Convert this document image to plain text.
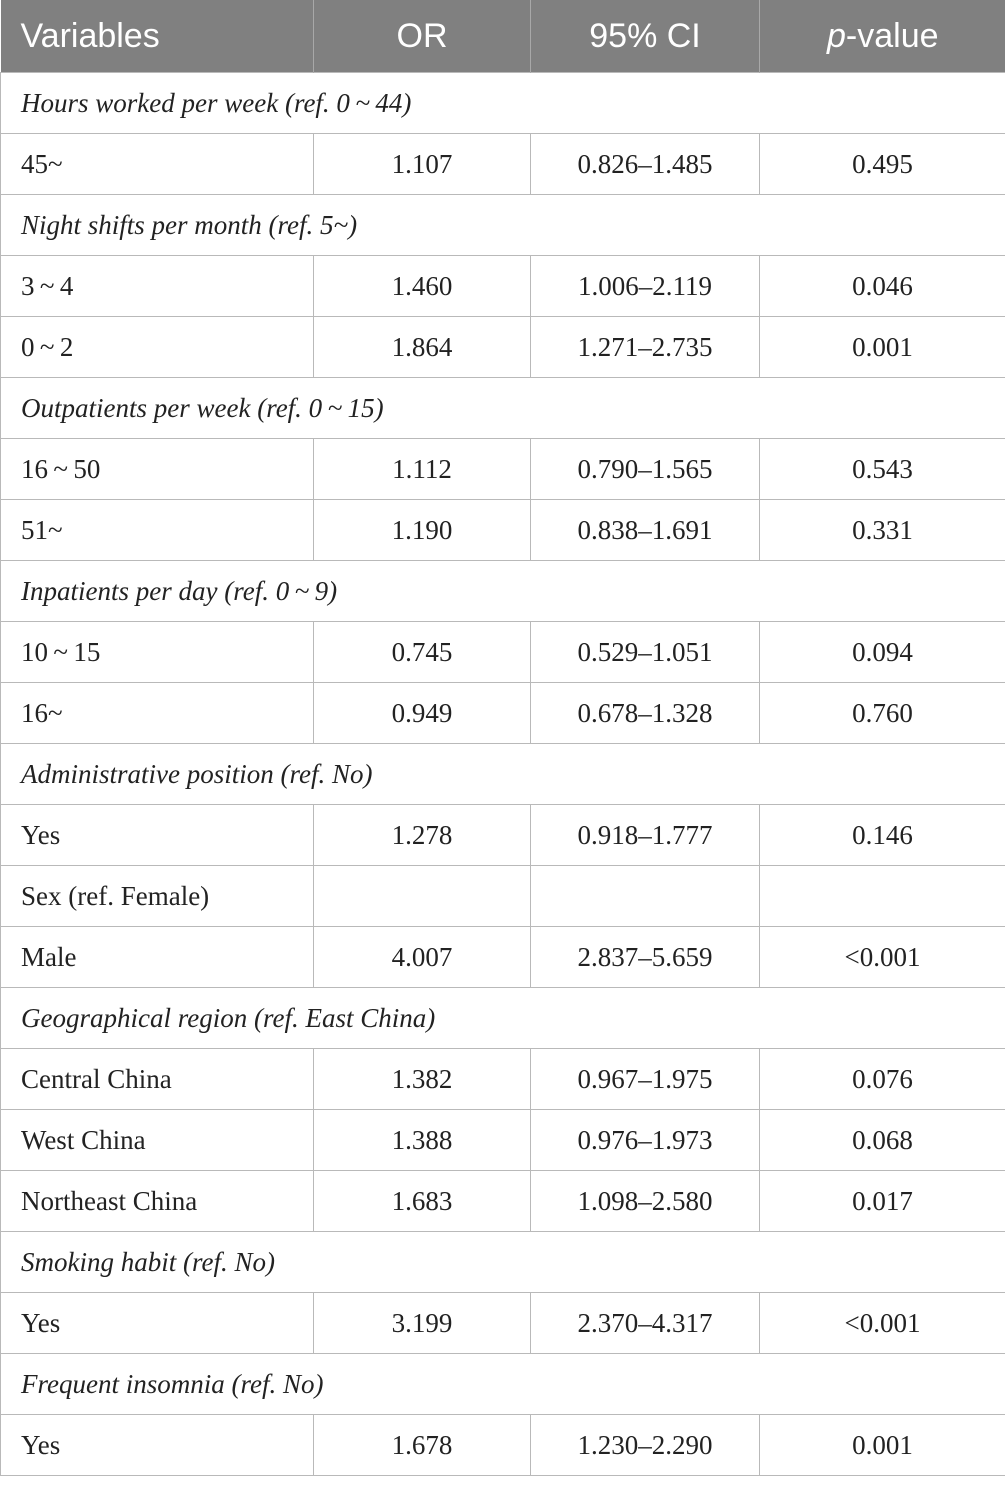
Variables	OR	95% CI	p-value
Hours worked per week (ref. 0 ~ 44)			
45~	1.107	0.826–1.485	0.495
Night shifts per month (ref. 5~)			
3 ~ 4	1.460	1.006–2.119	0.046
0 ~ 2	1.864	1.271–2.735	0.001
Outpatients per week (ref. 0 ~ 15)			
16 ~ 50	1.112	0.790–1.565	0.543
51~	1.190	0.838–1.691	0.331
Inpatients per day (ref. 0 ~ 9)			
10 ~ 15	0.745	0.529–1.051	0.094
16~	0.949	0.678–1.328	0.760
Administrative position (ref. No)			
Yes	1.278	0.918–1.777	0.146
Sex (ref. Female)			
Male	4.007	2.837–5.659	<0.001
Geographical region (ref. East China)			
Central China	1.382	0.967–1.975	0.076
West China	1.388	0.976–1.973	0.068
Northeast China	1.683	1.098–2.580	0.017
Smoking habit (ref. No)			
Yes	3.199	2.370–4.317	<0.001
Frequent insomnia (ref. No)			
Yes	1.678	1.230–2.290	0.001
